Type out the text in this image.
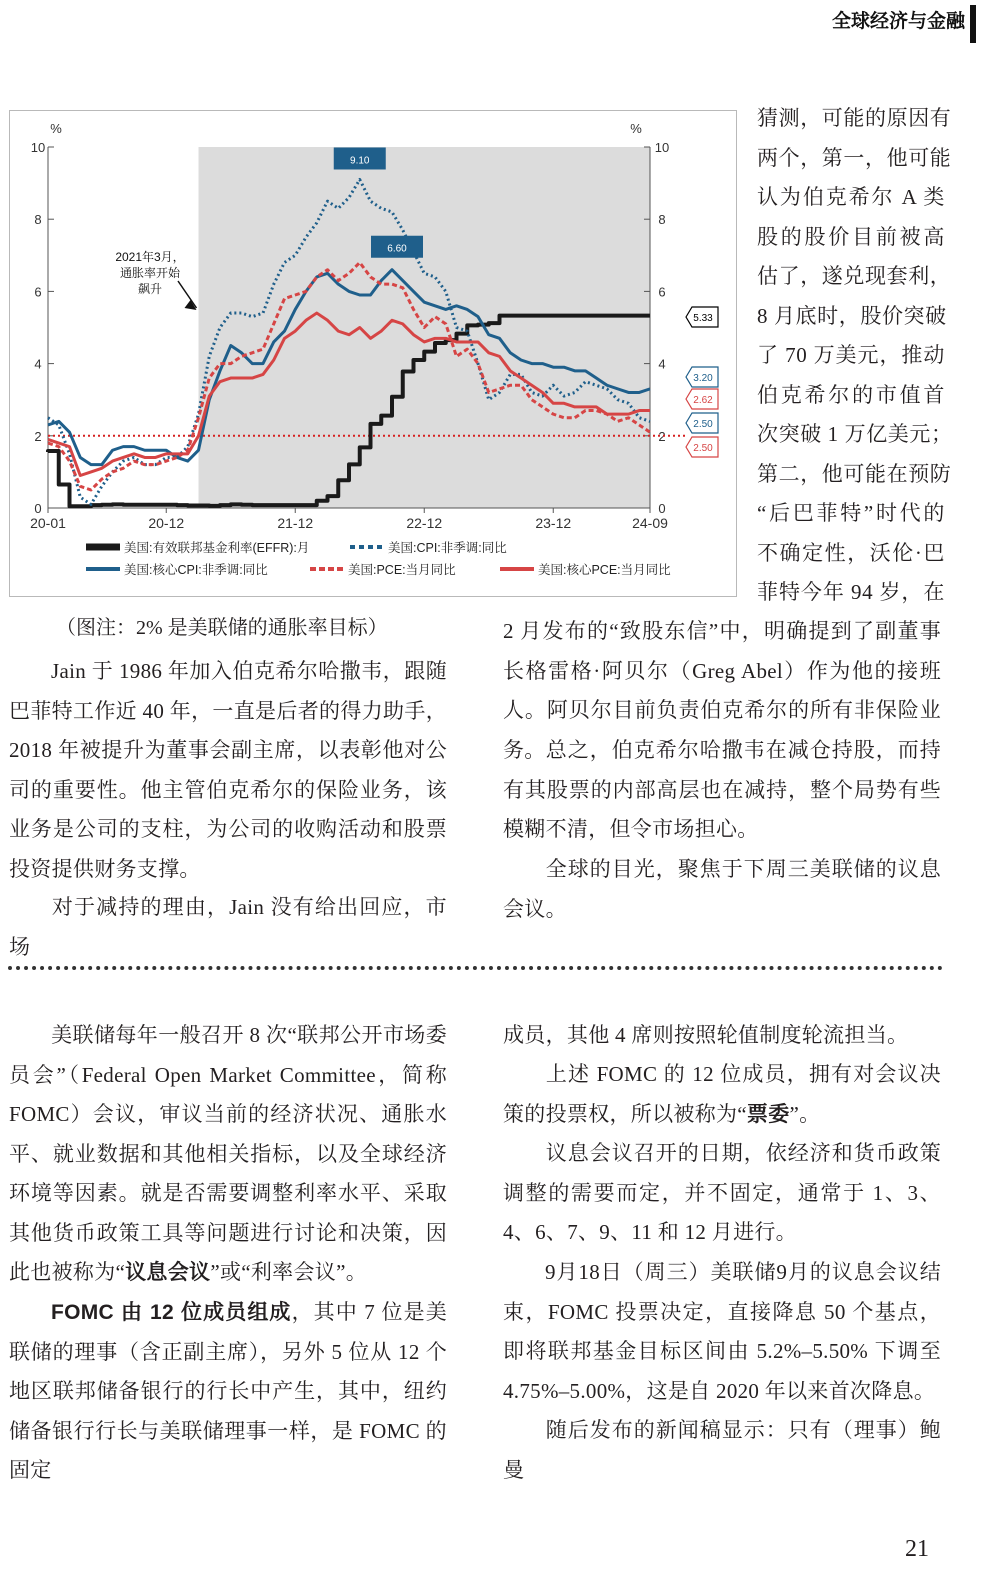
全球经济与金融
%	%
0	0
2	2
4	4
6	6
8	8
10	10
20-01	20-12	21-12	22-12	23-12	24-09
9.10
6.60
2021年3月，
通胀率开始
飙升
5.33
3.20
2.62
2.50
2.50
美国:有效联邦基金利率(EFFR):月	美国:CPI:非季调:同比
美国:核心CPI:非季调:同比	美国:PCE:当月同比	美国:核心PCE:当月同比

（图注：2% 是美联储的通胀率目标）

猜测，可能的原因有
两个，第一，他可能
认为伯克希尔 A 类
股的股价目前被高
估了，遂兑现套利，
8 月底时，股价突破
了 70 万美元，推动
伯克希尔的市值首
次突破 1 万亿美元；
第二，他可能在预防
“后巴菲特”时代的
不确定性，沃伦·巴
菲特今年 94 岁，在

2 月发布的“致股东信”中，明确提到了副董事长格雷格·阿贝尔（Greg Abel）作为他的接班人。阿贝尔目前负责伯克希尔的所有非保险业务。 总之，伯克希尔哈撒韦在减仓持股，而持有其股票的内部高层也在减持，整个局势有些模糊不清，但令市场担心。

全球的目光，聚焦于下周三美联储的议息会议。

Jain 于 1986 年加入伯克希尔哈撒韦，跟随巴菲特工作近 40 年，一直是后者的得力助手，2018 年被提升为董事会副主席，以表彰他对公司的重要性。他主管伯克希尔的保险业务，该业务是公司的支柱，为公司的收购活动和股票投资提供财务支撑。

对于减持的理由，Jain 没有给出回应，市场

美联储每年一般召开 8 次“联邦公开市场委员会”（Federal Open Market Committee，简称 FOMC）会议，审议当前的经济状况、通胀水平、就业数据和其他相关指标，以及全球经济环境等因素。就是否需要调整利率水平、采取其他货币政策工具等问题进行讨论和决策，因此也被称为“议息会议”或“利率会议”。

FOMC 由 12 位成员组成，其中 7 位是美联储的理事（含正副主席），另外 5 位从 12 个地区联邦储备银行的行长中产生，其中，纽约储备银行行长与美联储理事一样，是 FOMC 的固定

成员，其他 4 席则按照轮值制度轮流担当。

上述 FOMC 的 12 位成员，拥有对会议决策的投票权，所以被称为“票委”。

议息会议召开的日期，依经济和货币政策调整的需要而定，并不固定，通常于 1、3、4、6、7、9、11 和 12 月进行。

9月18日（周三）美联储9月的议息会议结束，FOMC 投票决定，直接降息 50 个基点，即将联邦基金目标区间由 5.2%–5.50% 下调至 4.75%–5.00%，这是自 2020 年以来首次降息。

随后发布的新闻稿显示：只有（理事）鲍曼

21
